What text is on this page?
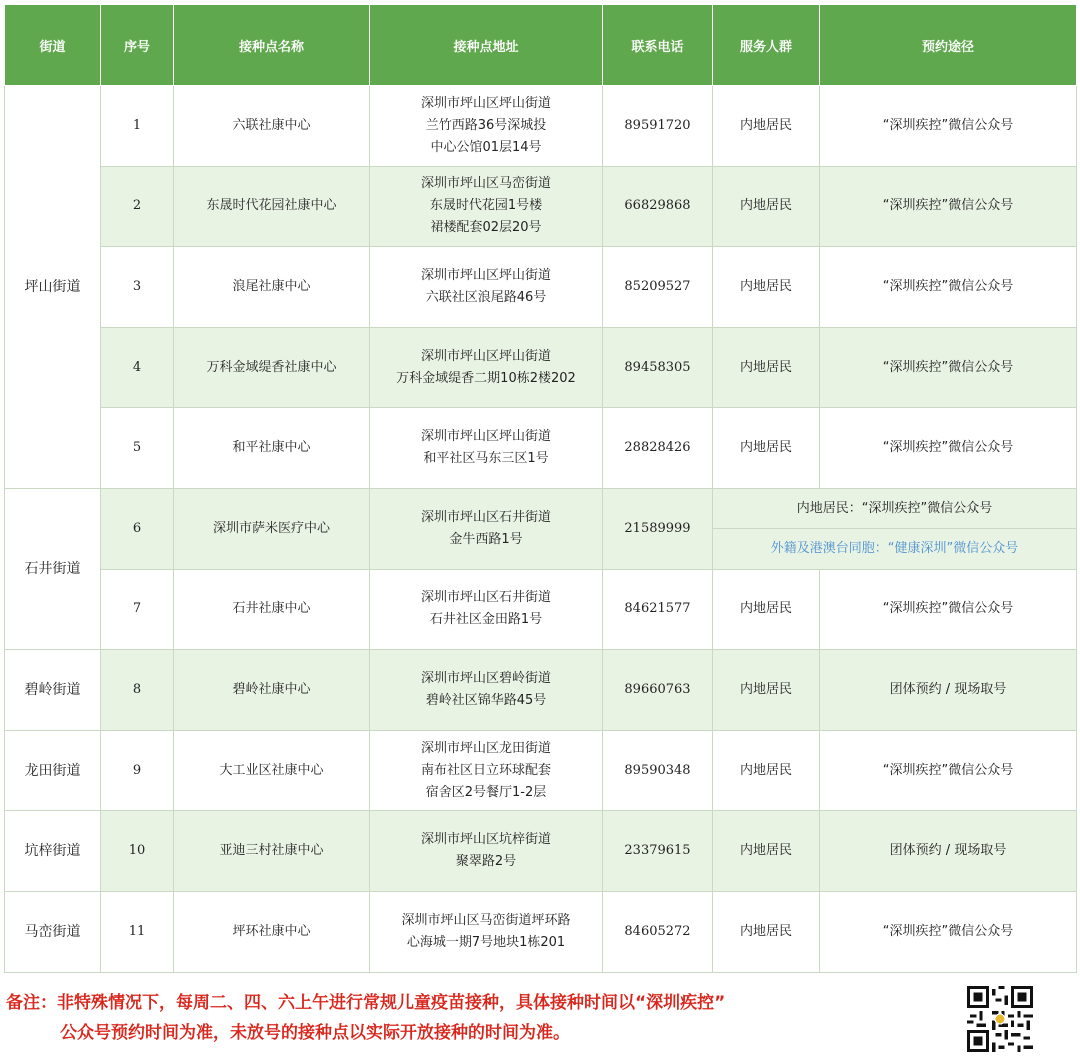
街道	序号	接种点名称	接种点地址	联系电话	服务人群	预约途径
坪山街道	1	六联社康中心	深圳市坪山区坪山街道
兰竹西路36号深城投
中心公馆01层14号	89591720	内地居民	“深圳疾控”微信公众号
	2	东晟时代花园社康中心	深圳市坪山区马峦街道
东晟时代花园1号楼
裙楼配套02层20号	66829868	内地居民	“深圳疾控”微信公众号
	3	浪尾社康中心	深圳市坪山区坪山街道
六联社区浪尾路46号	85209527	内地居民	“深圳疾控”微信公众号
	4	万科金域缇香社康中心	深圳市坪山区坪山街道
万科金域缇香二期10栋2楼202	89458305	内地居民	“深圳疾控”微信公众号
	5	和平社康中心	深圳市坪山区坪山街道
和平社区马东三区1号	28828426	内地居民	“深圳疾控”微信公众号
石井街道	6	深圳市萨米医疗中心	深圳市坪山区石井街道
金牛西路1号	21589999	内地居民：“深圳疾控”微信公众号	
					外籍及港澳台同胞：“健康深圳”微信公众号	
	7	石井社康中心	深圳市坪山区石井街道
石井社区金田路1号	84621577	内地居民	“深圳疾控”微信公众号
碧岭街道	8	碧岭社康中心	深圳市坪山区碧岭街道
碧岭社区锦华路45号	89660763	内地居民	团体预约 / 现场取号
龙田街道	9	大工业区社康中心	深圳市坪山区龙田街道
南布社区日立环球配套
宿舍区2号餐厅1-2层	89590348	内地居民	“深圳疾控”微信公众号
坑梓街道	10	亚迪三村社康中心	深圳市坪山区坑梓街道
聚翠路2号	23379615	内地居民	团体预约 / 现场取号
马峦街道	11	坪环社康中心	深圳市坪山区马峦街道坪环路
心海城一期7号地块1栋201	84605272	内地居民	“深圳疾控”微信公众号
备注：非特殊情况下，每周二、四、六上午进行常规儿童疫苗接种，具体接种时间以“深圳疾控”
公众号预约时间为准，未放号的接种点以实际开放接种的时间为准。
